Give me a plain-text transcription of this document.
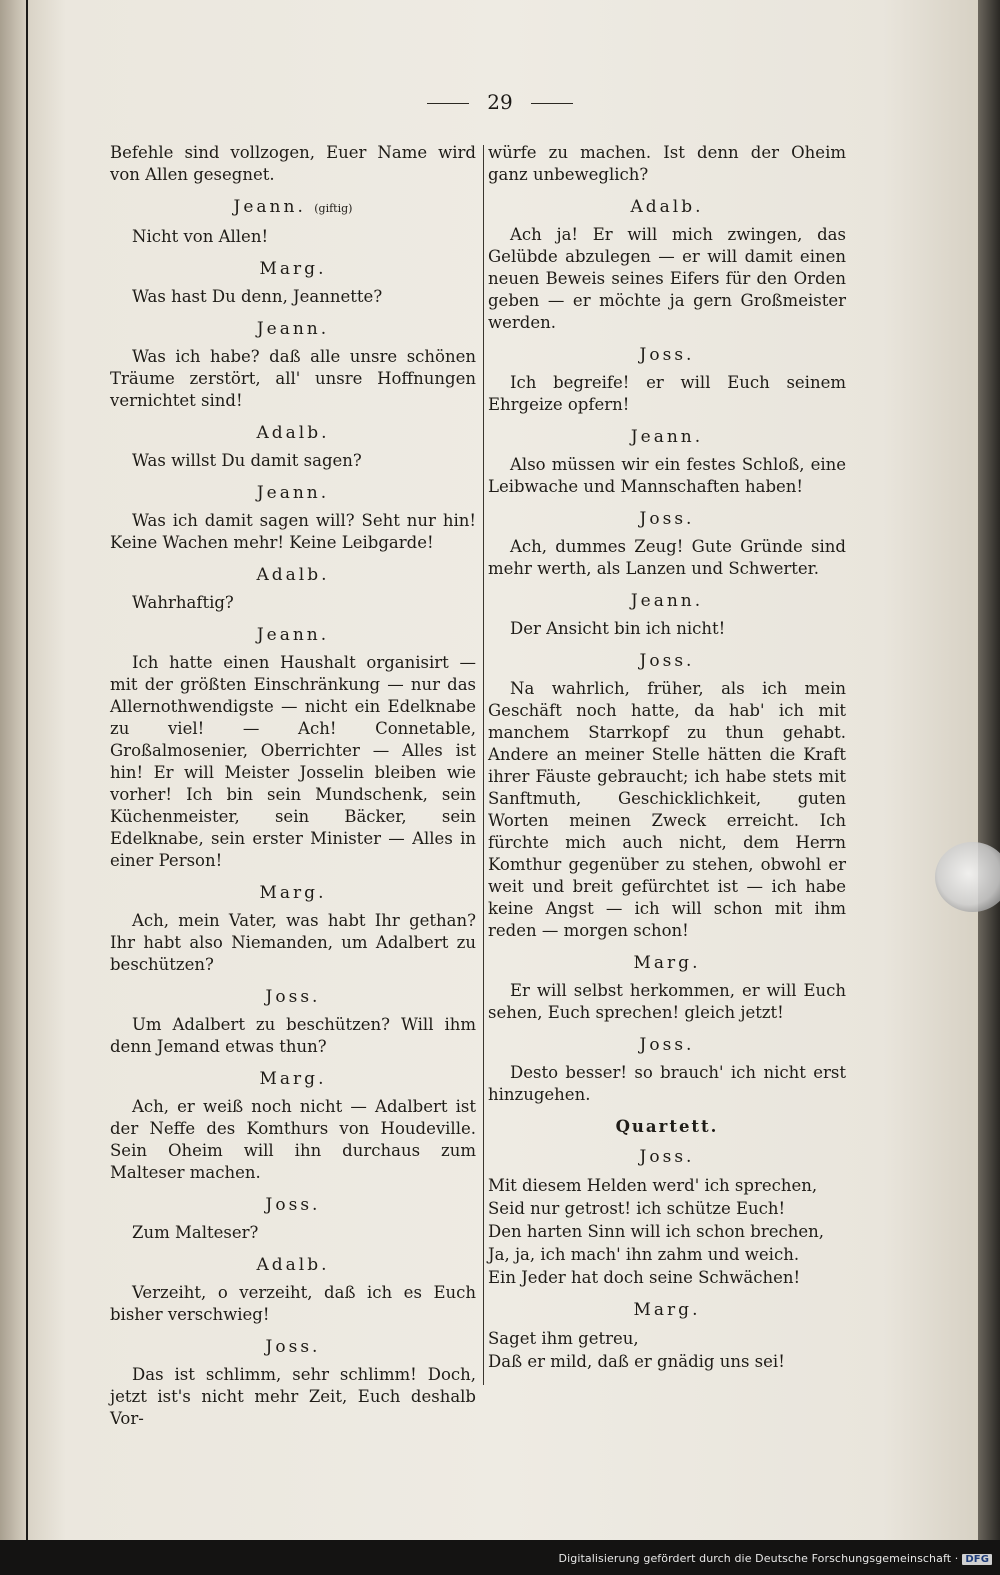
29

Befehle sind vollzogen, Euer Name wird von Allen gesegnet.

Jeann. (giftig)

Nicht von Allen!

Marg.

Was hast Du denn, Jeannette?

Jeann.

Was ich habe? daß alle unsre schönen Träume zerstört, all' unsre Hoffnungen vernichtet sind!

Adalb.

Was willst Du damit sagen?

Jeann.

Was ich damit sagen will? Seht nur hin! Keine Wachen mehr! Keine Leibgarde!

Adalb.

Wahrhaftig?

Jeann.

Ich hatte einen Haushalt organisirt — mit der größten Einschränkung — nur das Allernothwendigste — nicht ein Edelknabe zu viel! — Ach! Connetable, Großalmosenier, Oberrichter — Alles ist hin! Er will Meister Josselin bleiben wie vorher! Ich bin sein Mundschenk, sein Küchenmeister, sein Bäcker, sein Edelknabe, sein erster Minister — Alles in einer Person!

Marg.

Ach, mein Vater, was habt Ihr gethan? Ihr habt also Niemanden, um Adalbert zu beschützen?

Joss.

Um Adalbert zu beschützen? Will ihm denn Jemand etwas thun?

Marg.

Ach, er weiß noch nicht — Adalbert ist der Neffe des Komthurs von Houdeville. Sein Oheim will ihn durchaus zum Malteser machen.

Joss.

Zum Malteser?

Adalb.

Verzeiht, o verzeiht, daß ich es Euch bisher verschwieg!

Joss.

Das ist schlimm, sehr schlimm! Doch, jetzt ist's nicht mehr Zeit, Euch deshalb Vor-

würfe zu machen. Ist denn der Oheim ganz unbeweglich?

Adalb.

Ach ja! Er will mich zwingen, das Gelübde abzulegen — er will damit einen neuen Beweis seines Eifers für den Orden geben — er möchte ja gern Großmeister werden.

Joss.

Ich begreife! er will Euch seinem Ehrgeize opfern!

Jeann.

Also müssen wir ein festes Schloß, eine Leibwache und Mannschaften haben!

Joss.

Ach, dummes Zeug! Gute Gründe sind mehr werth, als Lanzen und Schwerter.

Jeann.

Der Ansicht bin ich nicht!

Joss.

Na wahrlich, früher, als ich mein Geschäft noch hatte, da hab' ich mit manchem Starrkopf zu thun gehabt. Andere an meiner Stelle hätten die Kraft ihrer Fäuste gebraucht; ich habe stets mit Sanftmuth, Geschicklichkeit, guten Worten meinen Zweck erreicht. Ich fürchte mich auch nicht, dem Herrn Komthur gegenüber zu stehen, obwohl er weit und breit gefürchtet ist — ich habe keine Angst — ich will schon mit ihm reden — morgen schon!

Marg.

Er will selbst herkommen, er will Euch sehen, Euch sprechen! gleich jetzt!

Joss.

Desto besser! so brauch' ich nicht erst hinzugehen.

Quartett.
Joss.
Mit diesem Helden werd' ich sprechen,
Seid nur getrost! ich schütze Euch!
Den harten Sinn will ich schon brechen,
Ja, ja, ich mach' ihn zahm und weich.
Ein Jeder hat doch seine Schwächen!
Marg.
Saget ihm getreu,
Daß er mild, daß er gnädig uns sei!
Digitalisierung gefördert durch die Deutsche Forschungsgemeinschaft · DFG
